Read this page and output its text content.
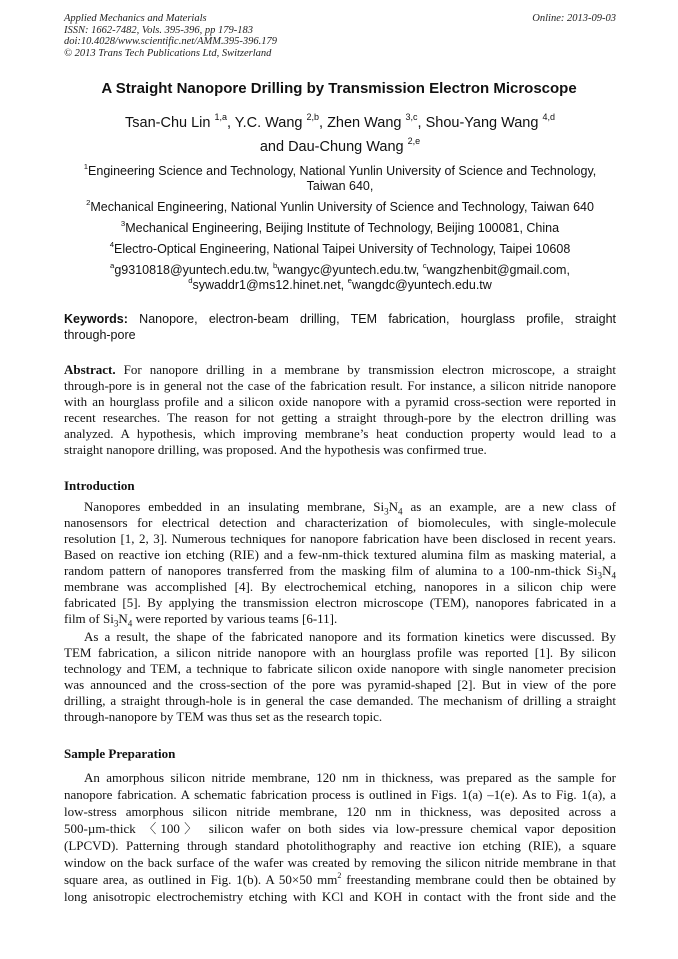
Applied Mechanics and Materials
ISSN: 1662-7482, Vols. 395-396, pp 179-183
doi:10.4028/www.scientific.net/AMM.395-396.179
© 2013 Trans Tech Publications Ltd, Switzerland
Online: 2013-09-03
A Straight Nanopore Drilling by Transmission Electron Microscope
Tsan-Chu Lin $^{1,a}$, Y.C. Wang $^{2,b}$, Zhen Wang $^{3,c}$, Shou-Yang Wang $^{4,d}$
and Dau-Chung Wang $^{2,e}$
$^1$Engineering Science and Technology, National Yunlin University of Science and Technology,
Taiwan 640,
$^2$Mechanical Engineering, National Yunlin University of Science and Technology, Taiwan 640
$^3$Mechanical Engineering, Beijing Institute of Technology, Beijing 100081, China
$^4$Electro-Optical Engineering, National Taipei University of Technology, Taipei 10608
$^a$g9310818@yuntech.edu.tw, $^b$wangyc@yuntech.edu.tw, $^c$wangzhenbit@gmail.com,
$^d$sywaddr1@ms12.hinet.net, $^e$wangdc@yuntech.edu.tw
Keywords: Nanopore, electron-beam drilling, TEM fabrication, hourglass profile, straight
through-pore
Abstract. For nanopore drilling in a membrane by transmission electron microscope, a straight
through-pore is in general not the case of the fabrication result. For instance, a silicon nitride nanopore
with an hourglass profile and a silicon oxide nanopore with a pyramid cross-section were reported in
recent researches. The reason for not getting a straight through-pore by the electron drilling was
analyzed. A hypothesis, which improving membrane’s heat conduction property would lead to a
straight nanopore drilling, was proposed. And the hypothesis was confirmed true.
Introduction
Nanopores embedded in an insulating membrane, $Si_3N_4$ as an example, are a new class of
nanosensors for electrical detection and characterization of biomolecules, with single-molecule
resolution [1, 2, 3]. Numerous techniques for nanopore fabrication have been disclosed in recent years.
Based on reactive ion etching (RIE) and a few-nm-thick textured alumina film as masking material, a
random pattern of nanopores transferred from the masking film of alumina to a 100-nm-thick $Si_3N_4$
membrane was accomplished [4]. By electrochemical etching, nanopores in a silicon chip were
fabricated [5]. By applying the transmission electron microscope (TEM), nanopores fabricated in a
film of $Si_3N_4$ were reported by various teams [6-11].
As a result, the shape of the fabricated nanopore and its formation kinetics were discussed. By
TEM fabrication, a silicon nitride nanopore with an hourglass profile was reported [1]. By silicon
technology and TEM, a technique to fabricate silicon oxide nanopore with single nanometer precision
was announced and the cross-section of the pore was pyramid-shaped [2]. But in view of the pore
drilling, a straight through-hole is in general the case demanded. The mechanism of drilling a straight
through-nanopore by TEM was thus set as the research topic.
Sample Preparation
An amorphous silicon nitride membrane, 120 nm in thickness, was prepared as the sample for
nanopore fabrication. A schematic fabrication process is outlined in Figs. 1(a) –1(e). As to Fig. 1(a), a
low-stress amorphous silicon nitride membrane, 120 nm in thickness, was deposited across a
500-µm-thick 〈100〉 silicon wafer on both sides via low-pressure chemical vapor deposition
(LPCVD). Patterning through standard photolithography and reactive ion etching (RIE), a square
window on the back surface of the wafer was created by removing the silicon nitride membrane in that
square area, as outlined in Fig. 1(b). A 50×50 $mm^2$ freestanding membrane could then be obtained by
long anisotropic electrochemistry etching with KCl and KOH in contact with the front side and the
